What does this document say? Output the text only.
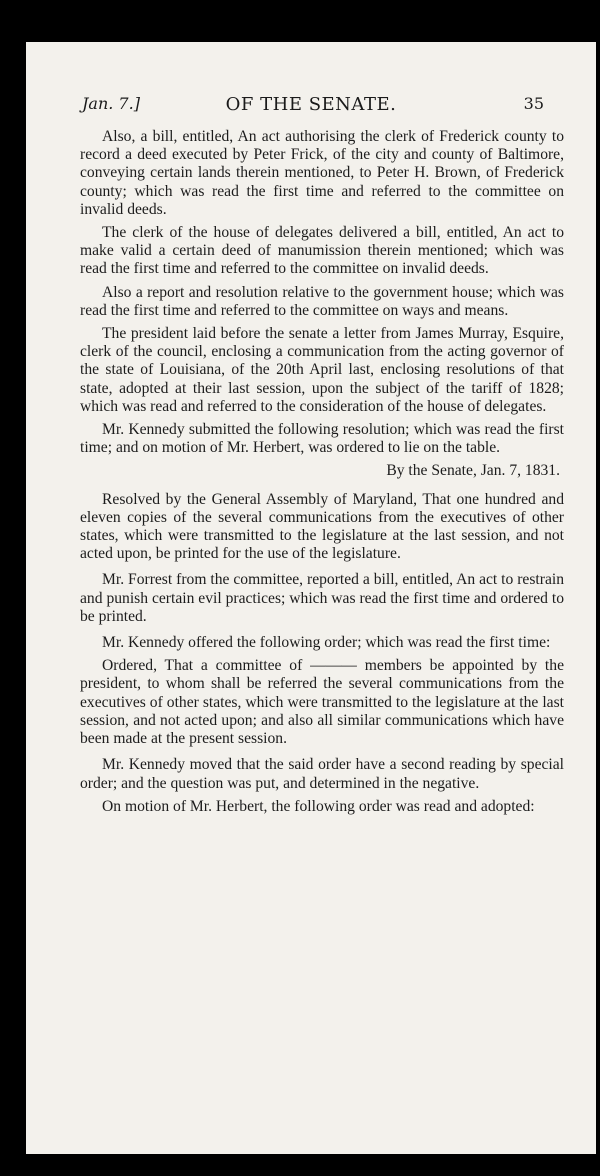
Jan. 7.]	OF THE SENATE.	35

Also, a bill, entitled, An act authorising the clerk of Frederick county to record a deed executed by Peter Frick, of the city and county of Baltimore, conveying certain lands therein mentioned, to Peter H. Brown, of Frederick county; which was read the first time and referred to the committee on invalid deeds.

The clerk of the house of delegates delivered a bill, entitled, An act to make valid a certain deed of manumission therein mentioned; which was read the first time and referred to the committee on invalid deeds.

Also a report and resolution relative to the government house; which was read the first time and referred to the committee on ways and means.

The president laid before the senate a letter from James Murray, Esquire, clerk of the council, enclosing a communication from the acting governor of the state of Louisiana, of the 20th April last, enclosing resolutions of that state, adopted at their last session, upon the subject of the tariff of 1828; which was read and referred to the consideration of the house of delegates.

Mr. Kennedy submitted the following resolution; which was read the first time; and on motion of Mr. Herbert, was ordered to lie on the table.

By the Senate, Jan. 7, 1831.

Resolved by the General Assembly of Maryland, That one hundred and eleven copies of the several communications from the executives of other states, which were transmitted to the legislature at the last session, and not acted upon, be printed for the use of the legislature.

Mr. Forrest from the committee, reported a bill, entitled, An act to restrain and punish certain evil practices; which was read the first time and ordered to be printed.

Mr. Kennedy offered the following order; which was read the first time:

Ordered, That a committee of ——— members be appointed by the president, to whom shall be referred the several communications from the executives of other states, which were transmitted to the legislature at the last session, and not acted upon; and also all similar communications which have been made at the present session.

Mr. Kennedy moved that the said order have a second reading by special order; and the question was put, and determined in the negative.

On motion of Mr. Herbert, the following order was read and adopted:
